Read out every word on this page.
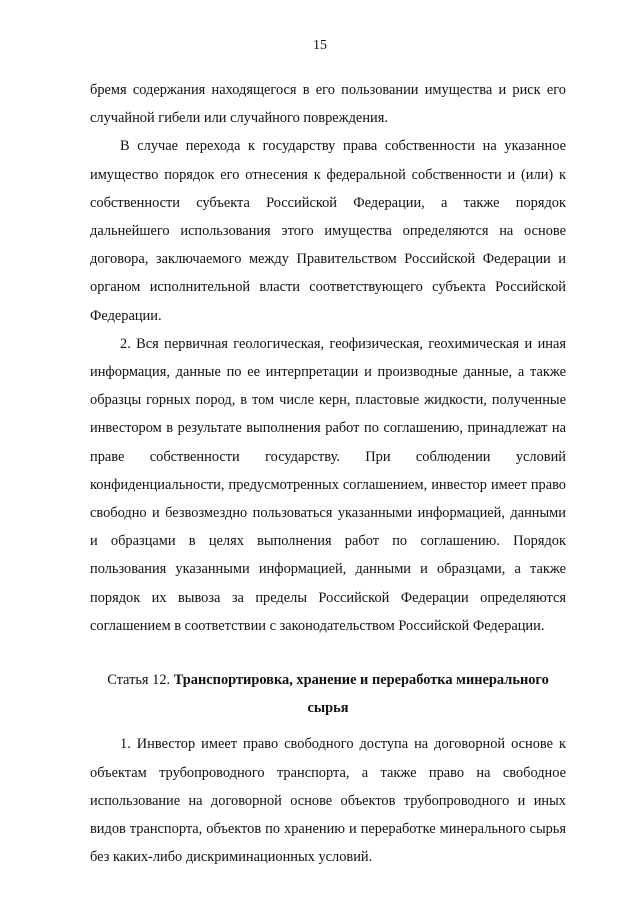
15

бремя содержания находящегося в его пользовании имущества и риск его случайной гибели или случайного повреждения.

В случае перехода к государству права собственности на указанное имущество порядок его отнесения к федеральной собственности и (или) к собственности субъекта Российской Федерации, а также порядок дальнейшего использования этого имущества определяются на основе договора, заключаемого между Правительством Российской Федерации и органом исполнительной власти соответствующего субъекта Российской Федерации.

2. Вся первичная геологическая, геофизическая, геохимическая и иная информация, данные по ее интерпретации и производные данные, а также образцы горных пород, в том числе керн, пластовые жидкости, полученные инвестором в результате выполнения работ по соглашению, принадлежат на праве собственности государству. При соблюдении условий конфиденциальности, предусмотренных соглашением, инвестор имеет право свободно и безвозмездно пользоваться указанными информацией, данными и образцами в целях выполнения работ по соглашению. Порядок пользования указанными информацией, данными и образцами, а также порядок их вывоза за пределы Российской Федерации определяются соглашением в соответствии с законодательством Российской Федерации.

Статья 12. Транспортировка, хранение и переработка минерального сырья

1. Инвестор имеет право свободного доступа на договорной основе к объектам трубопроводного транспорта, а также право на свободное использование на договорной основе объектов трубопроводного и иных видов транспорта, объектов по хранению и переработке минерального сырья без каких-либо дискриминационных условий.
